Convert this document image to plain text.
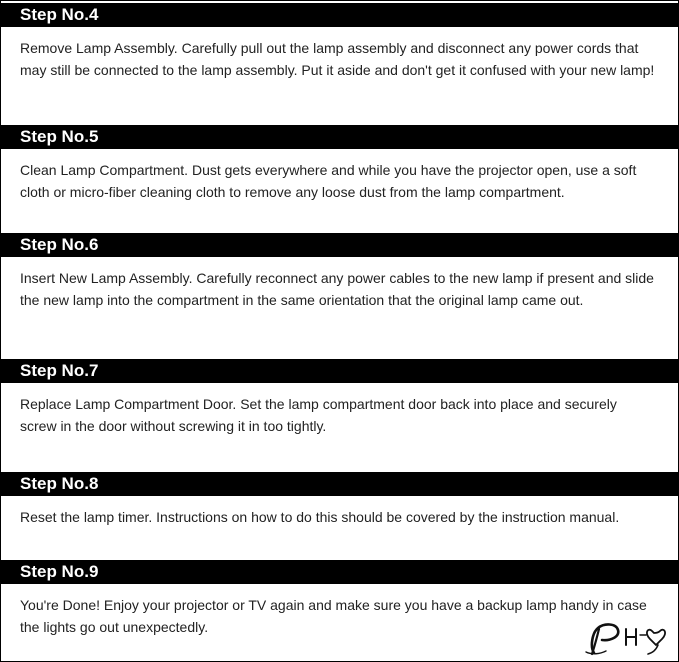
Step No.4
Remove Lamp Assembly. Carefully pull out the lamp assembly and disconnect any power cords that may still be connected to the lamp assembly. Put it aside and don't get it confused with your new lamp!
Step No.5
Clean Lamp Compartment. Dust gets everywhere and while you have the projector open, use a soft cloth or micro-fiber cleaning cloth to remove any loose dust from the lamp compartment.
Step No.6
Insert New Lamp Assembly. Carefully reconnect any power cables to the new lamp if present and slide the new lamp into the compartment in the same orientation that the original lamp came out.
Step No.7
Replace Lamp Compartment Door. Set the lamp compartment door back into place and securely screw in the door without screwing it in too tightly.
Step No.8
Reset the lamp timer. Instructions on how to do this should be covered by the instruction manual.
Step No.9
You're Done! Enjoy your projector or TV again and make sure you have a backup lamp handy in case the lights go out unexpectedly.
